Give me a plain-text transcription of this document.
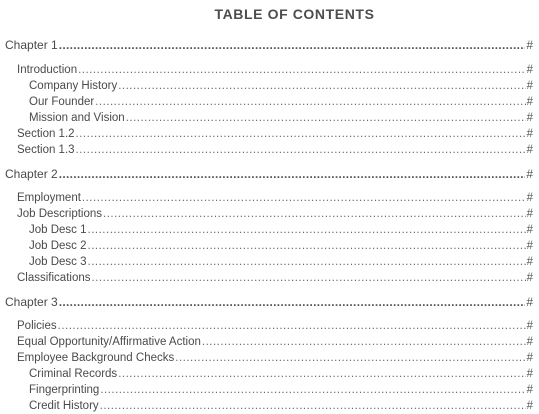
TABLE OF CONTENTS
Chapter 1 .....	#
Introduction .....	#
Company History .....	#
Our Founder .....	#
Mission and Vision .....	#
Section 1.2 .....	#
Section 1.3 .....	#
Chapter 2 .....	#
Employment .....	#
Job Descriptions .....	#
Job Desc 1 .....	#
Job Desc 2 .....	#
Job Desc 3 .....	#
Classifications .....	#
Chapter 3 .....	#
Policies .....	#
Equal Opportunity/Affirmative Action .....	#
Employee Background Checks .....	#
Criminal Records .....	#
Fingerprinting .....	#
Credit History .....	#
